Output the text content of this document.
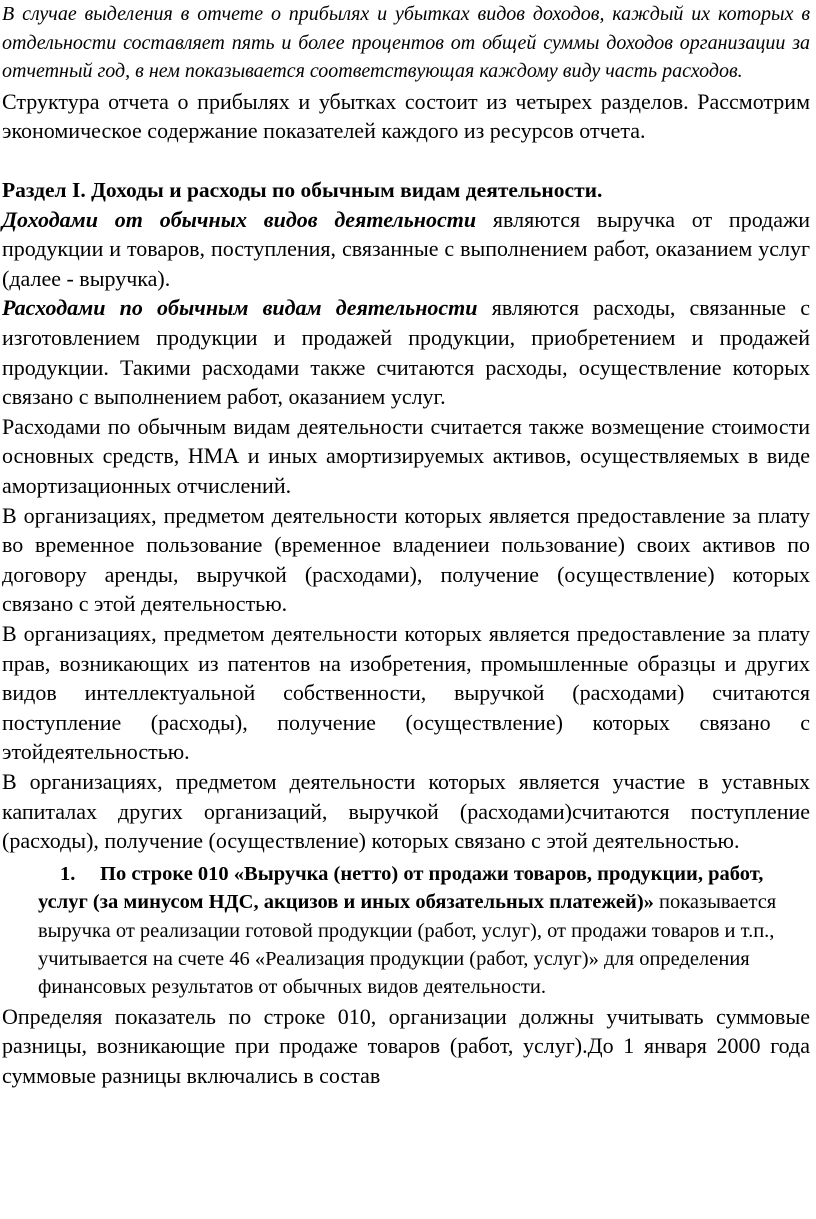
В случае выделения в отчете о прибылях и убытках видов доходов, каждый их которых в отдельности составляет пять и более процентов от общей суммы доходов организации за отчетный год, в нем показывается соответствующая каждому виду часть расходов.

Структура отчета о прибылях и убытках состоит из четырех разделов. Рассмотрим экономическое содержание показателей каждого из ресурсов отчета.

Раздел I. Доходы и расходы по обычным видам деятельности.

Доходами от обычных видов деятельности являются выручка от продажи продукции и товаров, поступления, связанные с выполнением работ, оказанием услуг (далее - выручка).

Расходами по обычным видам деятельности являются расходы, связанные с изготовлением продукции и продажей продукции, приобретением и продажей продукции. Такими расходами также считаются расходы, осуществление которых связано с выполнением работ, оказанием услуг.

Расходами по обычным видам деятельности считается также возмещение стоимости основных средств, НМА и иных амортизируемых активов, осуществляемых в виде амортизационных отчислений.

В организациях, предметом деятельности которых является предоставление за плату во временное пользование (временное владениеи пользование) своих активов по договору аренды, выручкой (расходами), получение (осуществление) которых связано с этой деятельностью.

В организациях, предметом деятельности которых является предоставление за плату прав, возникающих из патентов на изобретения, промышленные образцы и других видов интеллектуальной собственности, выручкой (расходами) считаются поступление (расходы), получение (осуществление) которых связано с этойдеятельностью.

В организациях, предметом деятельности которых является участие в уставных капиталах других организаций, выручкой (расходами)считаются поступление (расходы), получение (осуществление) которых связано с этой деятельностью.

1.	По строке 010 «Выручка (нетто) от продажи товаров, продукции, работ, услуг (за минусом НДС, акцизов и иных обязательных платежей)» показывается выручка от реализации готовой продукции (работ, услуг), от продажи товаров и т.п., учитывается на счете 46 «Реализация продукции (работ, услуг)» для определения финансовых результатов от обычных видов деятельности.

Определяя показатель по строке 010, организации должны учитывать суммовые разницы, возникающие при продаже товаров (работ, услуг).До 1 января 2000 года суммовые разницы включались в состав
